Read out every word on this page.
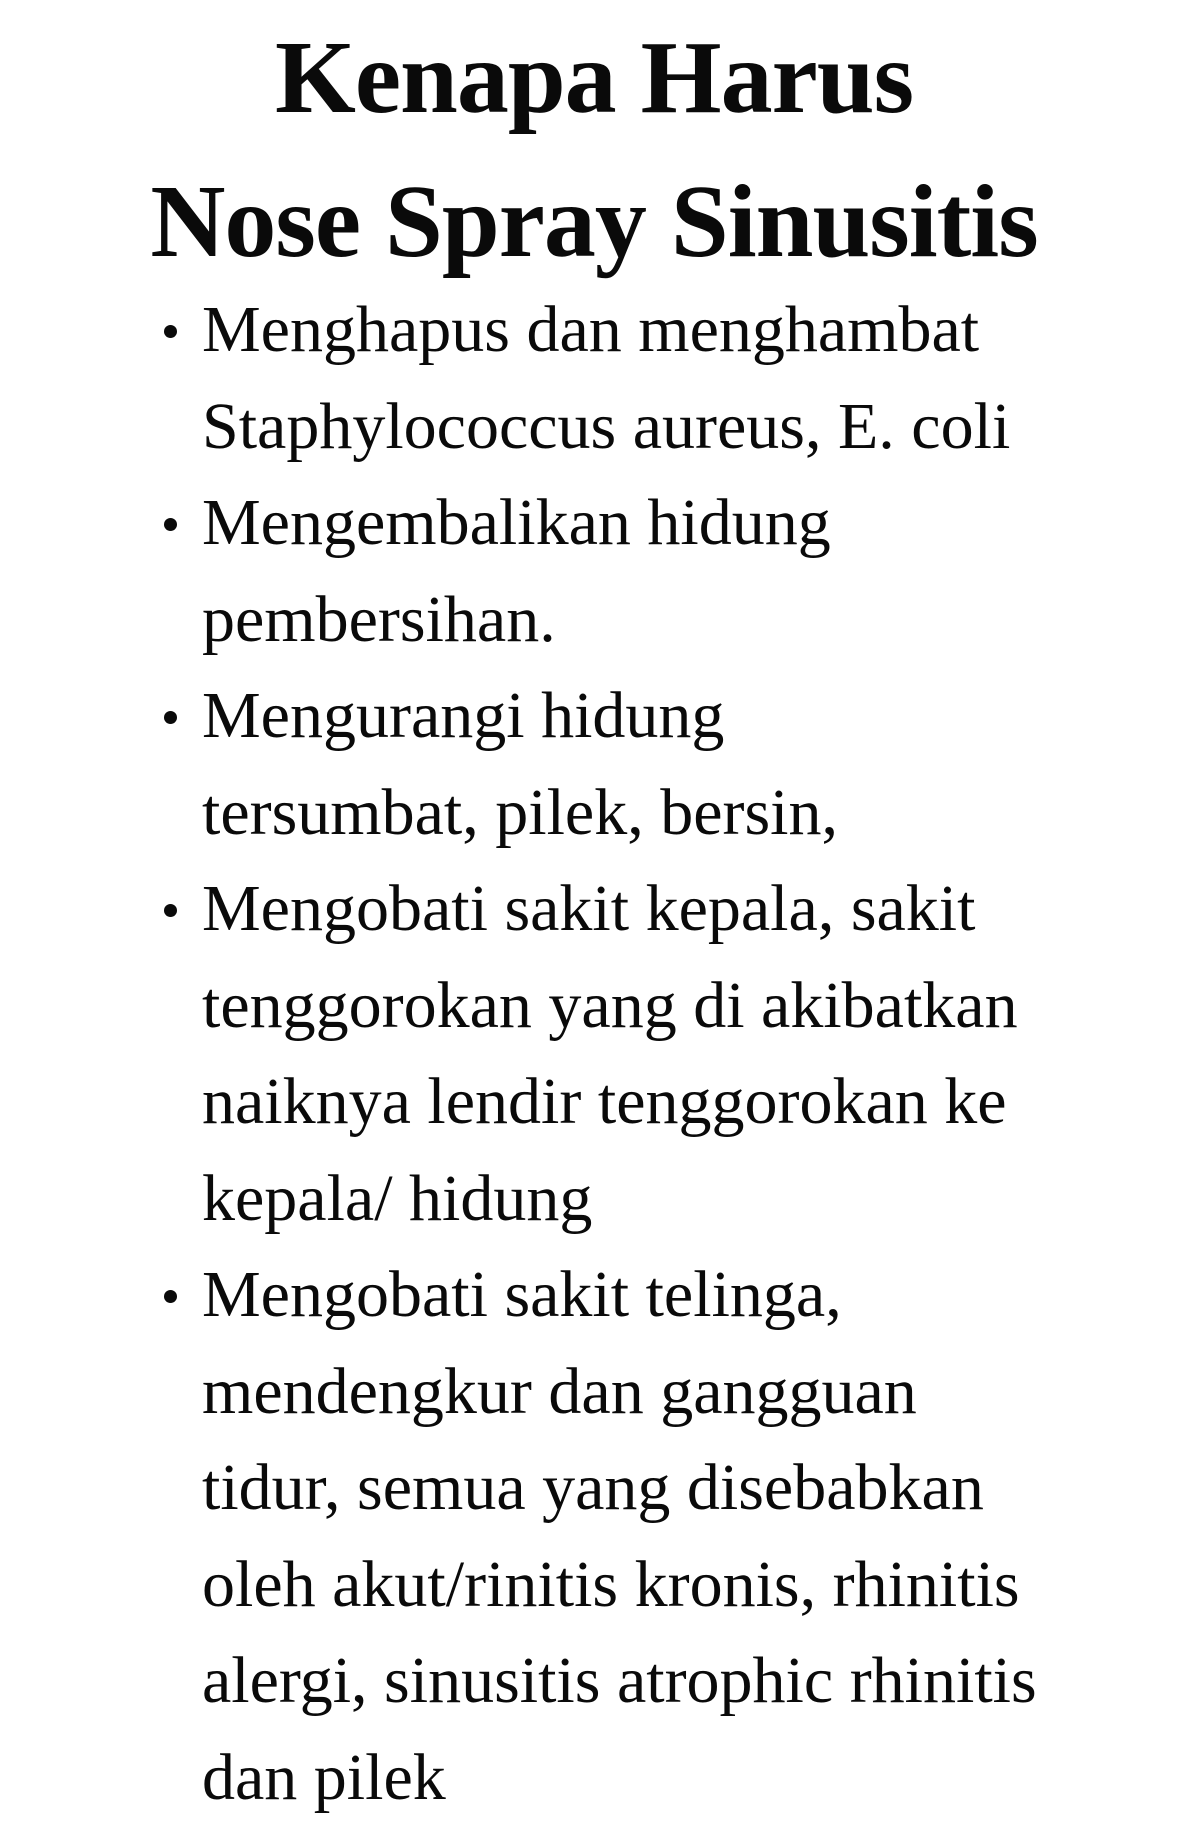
Kenapa Harus
Nose Spray Sinusitis
Menghapus dan menghambat
Staphylococcus aureus, E. coli
Mengembalikan hidung
pembersihan.
Mengurangi hidung
tersumbat, pilek, bersin,
Mengobati sakit kepala, sakit
tenggorokan yang di akibatkan
naiknya lendir tenggorokan ke
kepala/ hidung
Mengobati sakit telinga,
mendengkur dan gangguan
tidur, semua yang disebabkan
oleh akut/rinitis kronis, rhinitis
alergi, sinusitis atrophic rhinitis
dan pilek
